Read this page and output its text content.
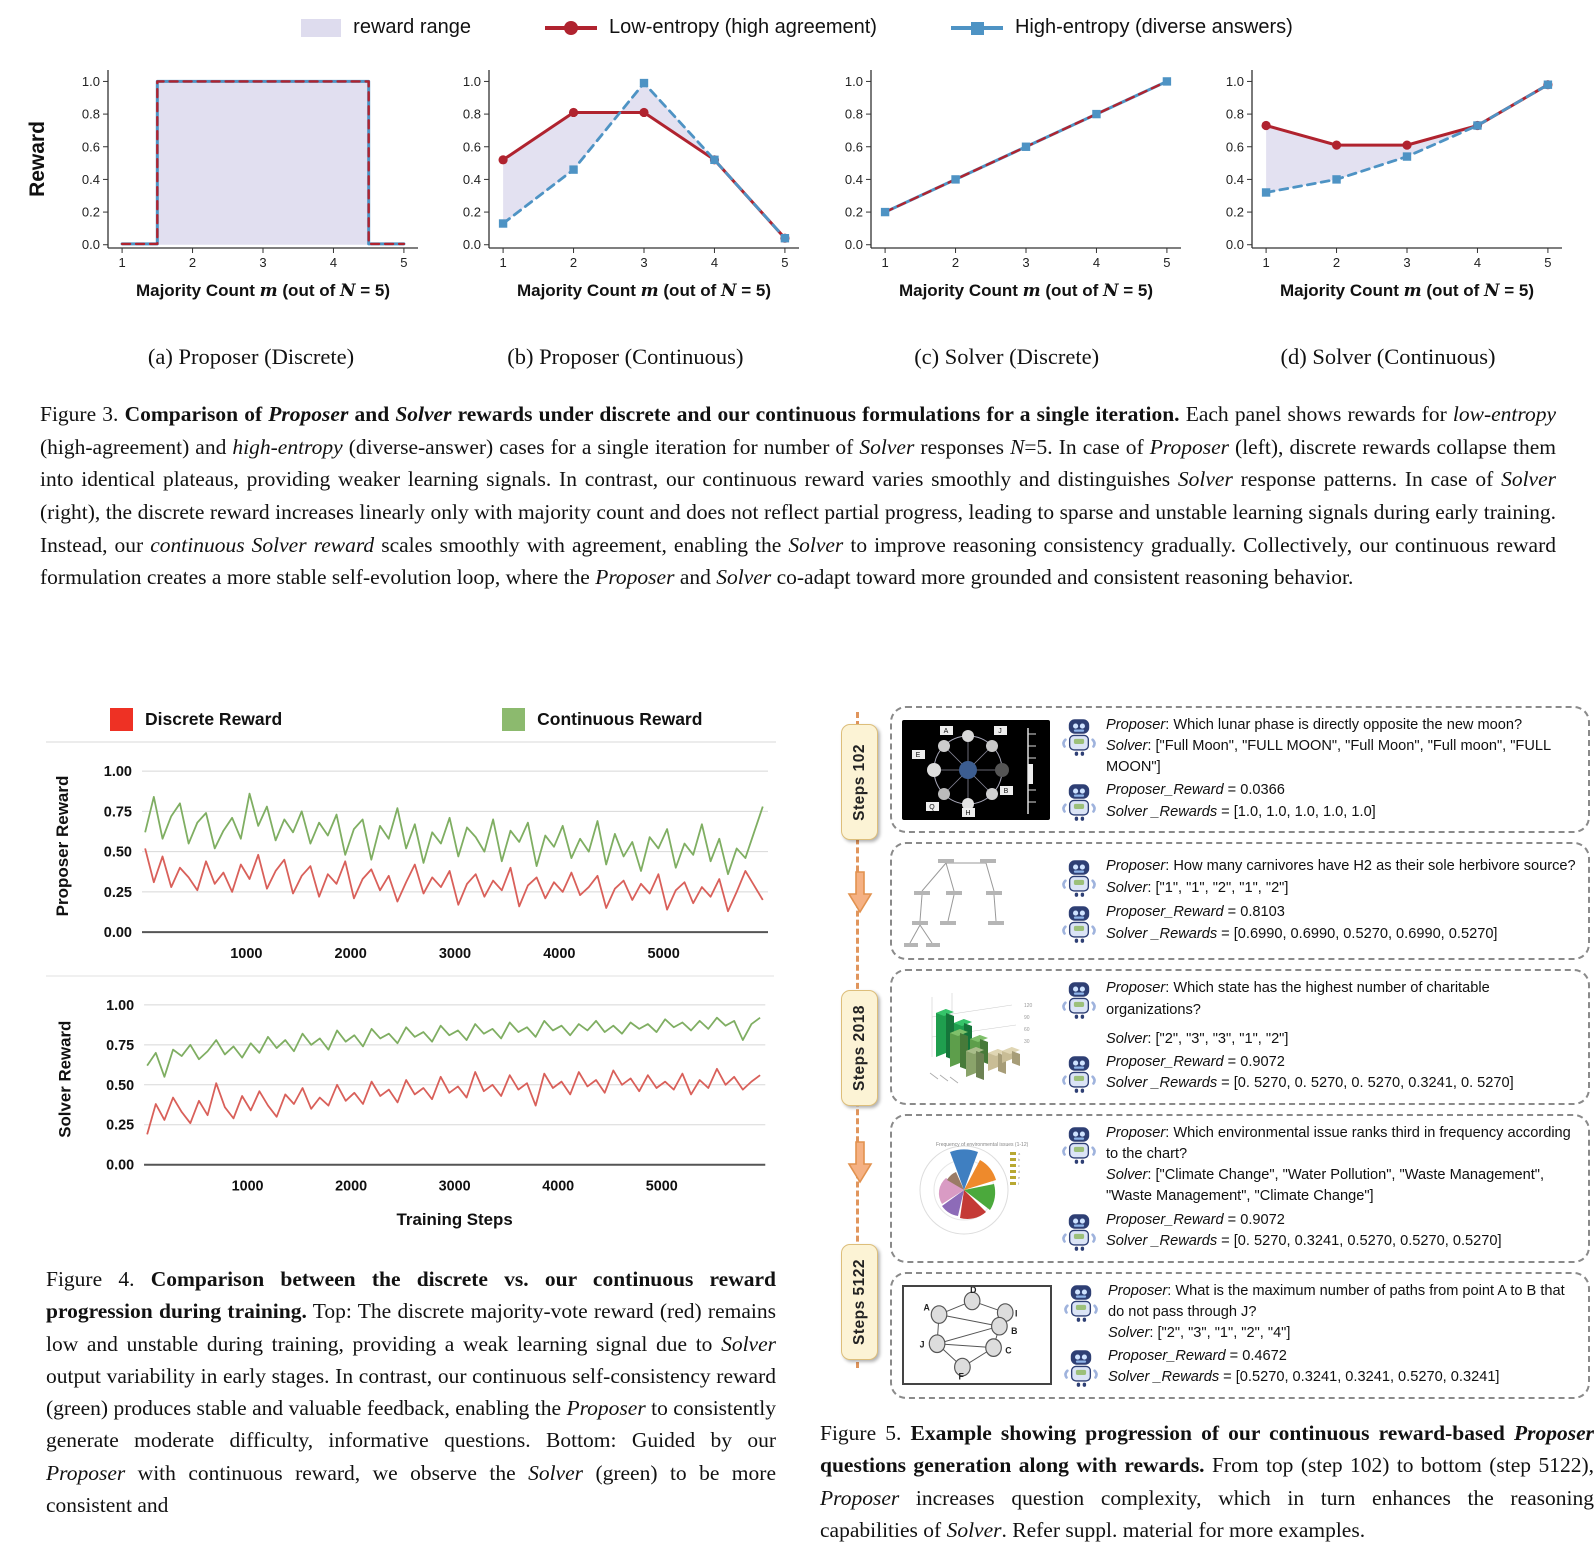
reward range	Low-entropy (high agreement)	High-entropy (diverse answers)
0.0
0.2
0.4
0.6
0.8
1.0
1	2	3	4	5
Majority Count m (out of N = 5)
Reward
0.0
0.2
0.4
0.6
0.8
1.0
1	2	3	4	5
Majority Count m (out of N = 5)
0.0
0.2
0.4
0.6
0.8
1.0
1	2	3	4	5
Majority Count m (out of N = 5)
0.0
0.2
0.4
0.6
0.8
1.0
1	2	3	4	5
Majority Count m (out of N = 5)
(a) Proposer (Discrete)	(b) Proposer (Continuous)	(c) Solver (Discrete)	(d) Solver (Continuous)
Figure 3. Comparison of Proposer and Solver rewards under discrete and our continuous formulations for a single iteration. Each panel shows rewards for low-entropy (high-agreement) and high-entropy (diverse-answer) cases for a single iteration for number of Solver responses N=5. In case of Proposer (left), discrete rewards collapse them into identical plateaus, providing weaker learning signals. In contrast, our continuous reward varies smoothly and distinguishes Solver response patterns. In case of Solver (right), the discrete reward increases linearly only with majority count and does not reflect partial progress, leading to sparse and unstable learning signals during early training. Instead, our continuous Solver reward scales smoothly with agreement, enabling the Solver to improve reasoning consistency gradually. Collectively, our continuous reward formulation creates a more stable self-evolution loop, where the Proposer and Solver co-adapt toward more grounded and consistent reasoning behavior.
Discrete Reward	Continuous Reward
0.00
0.25
0.50
0.75
1.00
1000	2000	3000	4000	5000
Proposer Reward
0.00
0.25
0.50
0.75
1.00
1000	2000	3000	4000	5000
Solver Reward
Training Steps
Figure 4. Comparison between the discrete vs. our continuous reward progression during training. Top: The discrete majority-vote reward (red) remains low and unstable during training, providing a weak learning signal due to Solver output variability in early stages. In contrast, our continuous self-consistency reward (green) produces stable and valuable feedback, enabling the Proposer to consistently generate moderate difficulty, informative questions. Bottom: Guided by our Proposer with continuous reward, we observe the Solver (green) to be more consistent and
Steps 102
Steps 2018
Steps 5122
A	J
E
Q
H
B
Proposer: Which lunar phase is directly opposite the new moon?
Solver: ["Full Moon", "FULL MOON", "Full Moon", "Full moon", "FULL MOON"]
Proposer_Reward = 0.0366
Solver _Rewards = [1.0, 1.0, 1.0, 1.0, 1.0]
Proposer: How many carnivores have H2 as their sole herbivore source?
Solver: ["1", "1", "2", "1", "2"]
Proposer_Reward = 0.8103
Solver _Rewards = [0.6990, 0.6990, 0.5270, 0.6990, 0.5270]
120
90
60
30
Proposer: Which state has the highest number of charitable organizations?
Solver: ["2", "3", "3", "1", "2"]
Proposer_Reward = 0.9072
Solver _Rewards = [0. 5270, 0. 5270, 0. 5270, 0.3241, 0. 5270]
a
b
c
d
e
f
Frequency of environmental issues (1-12)
Proposer: Which environmental issue ranks third in frequency according to the chart?
Solver: ["Climate Change", "Water Pollution", "Waste Management", "Waste Management", "Climate Change"]
Proposer_Reward = 0.9072
Solver _Rewards = [0. 5270, 0.3241, 0.5270, 0.5270, 0.5270]
A
D
I
B
J
C
F
Proposer: What is the maximum number of paths from point A to B that do not pass through J?
Solver: ["2", "3", "1", "2", "4"]
Proposer_Reward = 0.4672
Solver _Rewards = [0.5270, 0.3241, 0.3241, 0.5270, 0.3241]
Figure 5. Example showing progression of our continuous reward-based Proposer questions generation along with rewards. From top (step 102) to bottom (step 5122), Proposer increases question complexity, which in turn enhances the reasoning capabilities of Solver. Refer suppl. material for more examples.
